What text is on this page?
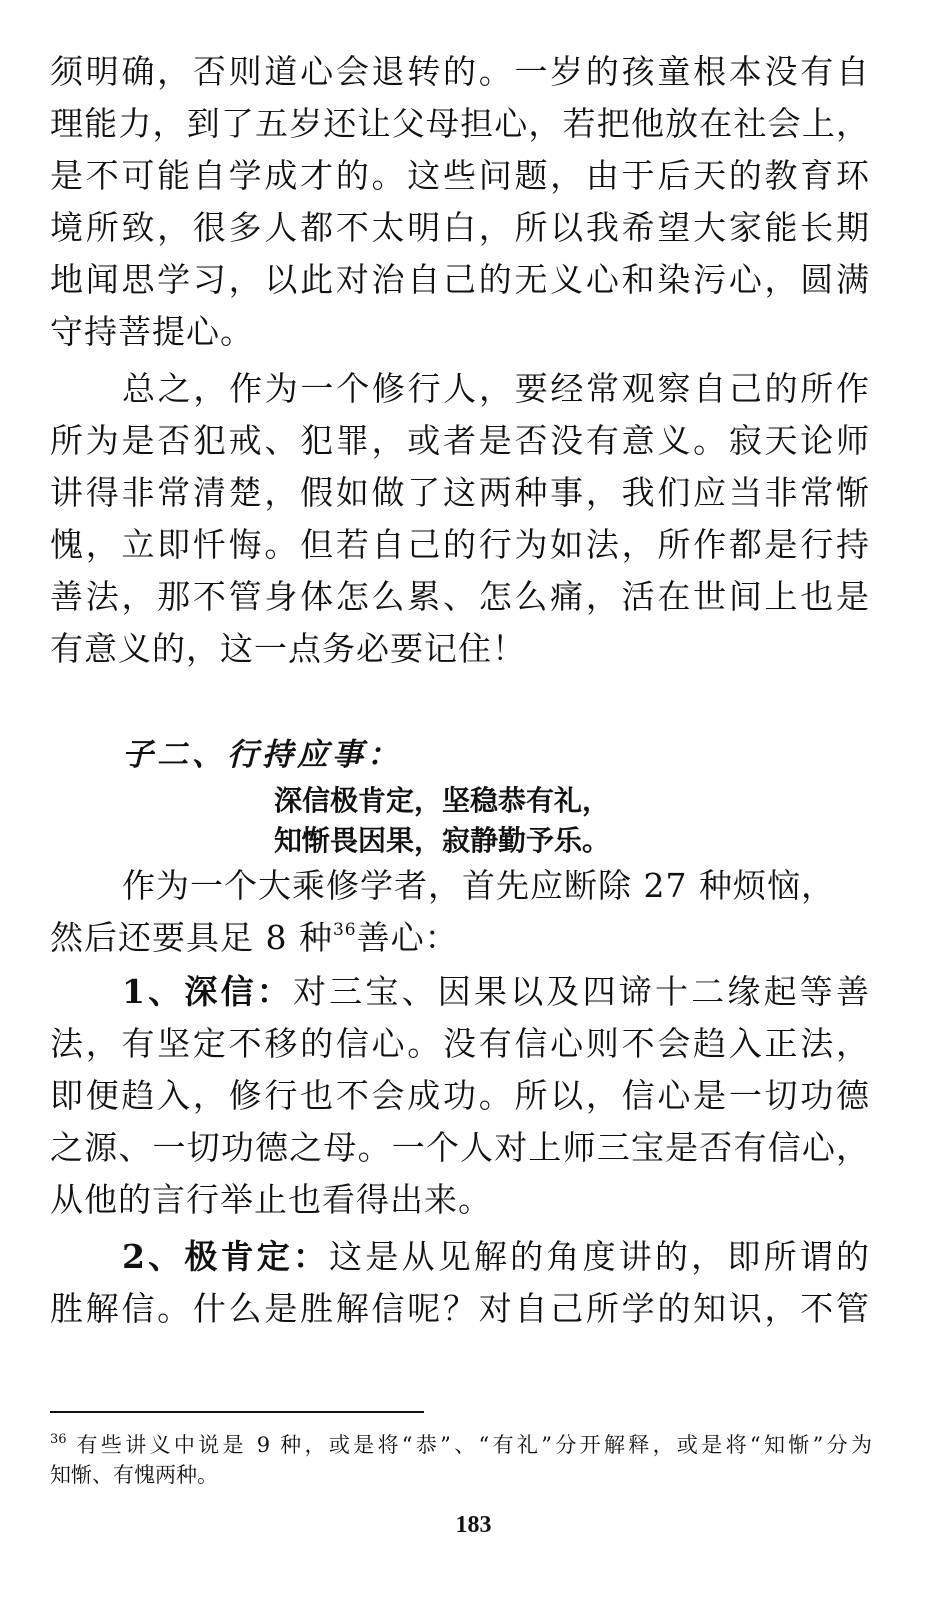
须明确，否则道心会退转的。一岁的孩童根本没有自
理能力，到了五岁还让父母担心，若把他放在社会上，
是不可能自学成才的。这些问题，由于后天的教育环
境所致，很多人都不太明白，所以我希望大家能长期
地闻思学习，以此对治自己的无义心和染污心，圆满
守持菩提心。
总之，作为一个修行人，要经常观察自己的所作
所为是否犯戒、犯罪，或者是否没有意义。寂天论师
讲得非常清楚，假如做了这两种事，我们应当非常惭
愧，立即忏悔。但若自己的行为如法，所作都是行持
善法，那不管身体怎么累、怎么痛，活在世间上也是
有意义的，这一点务必要记住！
子二、行持应事：
深信极肯定，坚稳恭有礼，
知惭畏因果，寂静勤予乐。
作为一个大乘修学者，首先应断除 27 种烦恼，
然后还要具足 8 种$^{36}$善心：
1、深信：对三宝、因果以及四谛十二缘起等善
法，有坚定不移的信心。没有信心则不会趋入正法，
即便趋入，修行也不会成功。所以，信心是一切功德
之源、一切功德之母。一个人对上师三宝是否有信心，
从他的言行举止也看得出来。
2、极肯定：这是从见解的角度讲的，即所谓的
胜解信。什么是胜解信呢？对自己所学的知识，不管
$^{36}$ 有些讲义中说是 9 种，或是将“恭”、“有礼”分开解释，或是将“知惭”分为
知惭、有愧两种。
183
